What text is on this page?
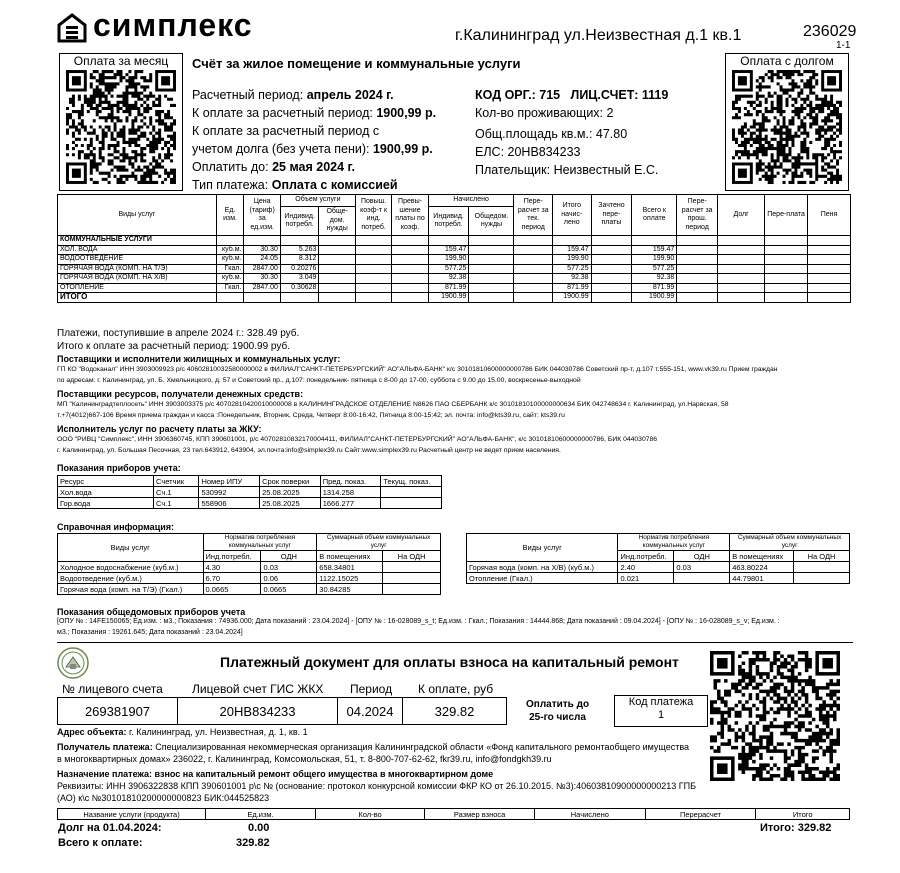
симплекс	г.Калининград ул.Неизвестная д.1 кв.1	236029
1-1
Оплата за месяц	Оплата с долгом
Счёт за жилое помещение и коммунальные услуги
Расчетный период: апрель 2024 г.
К оплате за расчетный период: 1900,99 р.
К оплате за расчетный период с
учетом долга (без учета пени): 1900,99 р.
Оплатить до: 25 мая 2024 г.
Тип платежа: Оплата с комиссией
КОД ОРГ.: 715 ЛИЦ.СЧЕТ: 1119
Кол-во проживающих: 2
Общ.площадь кв.м.: 47.80
ЕЛС: 20НВ834233
Плательщик: Неизвестный Е.С.
Виды услуг	Ед. изм.	Цена (тариф) за ед.изм.	Объем услуги		Повыш. коэф-т к инд. потреб.	Превы-шение платы по коэф.	Начислено		Пере-расчет за тек. период	Итого начис-лено	Зачтено пере-платы	Всего к оплате	Пере-расчет за прош. период	Долг	Пере-плата	Пеня
			Индивид. потребл.	Обще-дом. нужды			Индивид. потребл.	Общедом. нужды								
КОММУНАЛЬНЫЕ УСЛУГИ																
ХОЛ. ВОДА	куб.м.	30.30	5.263				159.47			159.47		159.47				
ВОДООТВЕДЕНИЕ	куб.м.	24.05	8.312				199.90			199.90		199.90				
ГОРЯЧАЯ ВОДА (КОМП. НА Т/Э)	Гкал.	2847.00	0.20276				577.25			577.25		577.25				
ГОРЯЧАЯ ВОДА (КОМП. НА Х/В)	куб.м.	30.30	3.049				92.38			92.38		92.38				
ОТОПЛЕНИЕ	Гкал.	2847.00	0.30628				871.99			871.99		871.99				
ИТОГО							1900.99			1900.99		1900.99				
Платежи, поступившие в апреле 2024 г.: 328.49 руб.
Итого к оплате за расчетный период: 1900.99 руб.
Поставщики и исполнители жилищных и коммунальных услуг:
ГП КО "Водоканал" ИНН 3903009923 р/с 40602810032580000002 в ФИЛИАЛ"САНКТ-ПЕТЕРБУРГСКИЙ" АО"АЛЬФА-БАНК" к/с 30101810600000000786 БИК 044030786 Советский пр-т, д.107 т.555-151, www.vk39.ru Прием граждан
по адресам: г. Калининград, ул. Б. Хмельницкого, д. 57 и Советский пр., д.107: понедельник- пятница с 8-00 до 17-00, суббота с 9.00 до 15.00, воскресенье-выходной
Поставщики ресурсов, получатели денежных средств:
МП "Калининградтеплосеть" ИНН 3903003375 р/с 40702810420010000008 в КАЛИНИНГРАДСКОЕ ОТДЕЛЕНИЕ N8626 ПАО СБЕРБАНК к/с 30101810100000000634 БИК 042748634 г. Калининград, ул.Нарвская, 58
т.+7(4012)667-106 Время приема граждан и касса :Понедельник, Вторник, Среда, Четверг 8:00-16:42, Пятница 8:00-15:42; эл. почта: info@kts39.ru, сайт: kts39.ru
Исполнитель услуг по расчету платы за ЖКУ:
ООО "РИВЦ "Симплекс", ИНН 3906360745, КПП 390601001, р/с 40702810832170004411, ФИЛИАЛ"САНКТ-ПЕТЕРБУРГСКИЙ" АО"АЛЬФА-БАНК", к/с 30101810600000000786, БИК 044030786
г. Калининград, ул. Большая Песочная, 23 тел.643912, 643904, эл.почта:info@simplex39.ru Сайт:www.simplex39.ru Расчетный центр не ведет прием населения.
Показания приборов учета:
Ресурс	Счетчик	Номер ИПУ	Срок поверки	Пред. показ.	Текущ. показ.
Хол.вода	Сч.1	530992	25.08.2025	1314.258	
Гор.вода	Сч.1	558906	25.08.2025	1666.277	
Справочная информация:
Виды услуг	Норматив потребления коммунальных услуг		Суммарный объем коммунальных услуг	
	Инд.потребл.	ОДН	В помещениях	На ОДН
Холодное водоснабжение (куб.м.)	4.30	0.03	658.34801	
Водоотведение (куб.м.)	6.70	0.06	1122.15025	
Горячая вода (комп. на Т/Э) (Гкал.)	0.0665	0.0665	30.84285	
Виды услуг	Норматив потребления коммунальных услуг		Суммарный объем коммунальных услуг	
	Инд.потребл.	ОДН	В помещениях	На ОДН
Горячая вода (комп. на Х/В) (куб.м.)	2.40	0.03	463.80224	
Отопление (Гкал.)	0.021		44.79801	
Показания общедомовых приборов учета
[ОПУ № : 14FE150065; Ед.изм. : м3.; Показания : 74936.000; Дата показаний : 23.04.2024] - [ОПУ № : 16-028089_s_t; Ед.изм. : Гкал.; Показания : 14444.868; Дата показаний : 09.04.2024] - [ОПУ № : 16-028089_s_v; Ед.изм. :
м3.; Показания : 19261.645; Дата показаний : 23.04.2024]
Платежный документ для оплаты взноса на капитальный ремонт
№ лицевого счета Лицевой счет ГИС ЖКХ Период К оплате, руб
269381907	20НВ834233	04.2024	329.82	Оплатить до
25-го числа
Код платежа
1
Адрес объекта: г. Калининград, ул. Неизвестная, д. 1, кв. 1
Получатель платежа: Специализированная некоммерческая организация Калининградской области «Фонд капитального ремонтаобщего имущества
в многоквартирных домах» 236022, г. Калининград, Комсомольская, 51, т. 8-800-707-62-62, fkr39.ru, info@fondgkh39.ru
Назначение платежа: взнос на капитальный ремонт общего имущества в многоквартирном доме
Реквизиты: ИНН 3906322838 КПП 390601001 р\с № (основание: протокол конкурсной комиссии ФКР КО от 26.10.2015. №3):40603810900000000213 ГПБ
(АО) к\с №30101810200000000823 БИК:044525823
Название услуги (продукта)	Ед.изм.	Кол-во	Размер взноса	Начислено	Перерасчет	Итого
Долг на 01.04.2024:	0.00
Всего к оплате:	329.82
Итого: 329.82
